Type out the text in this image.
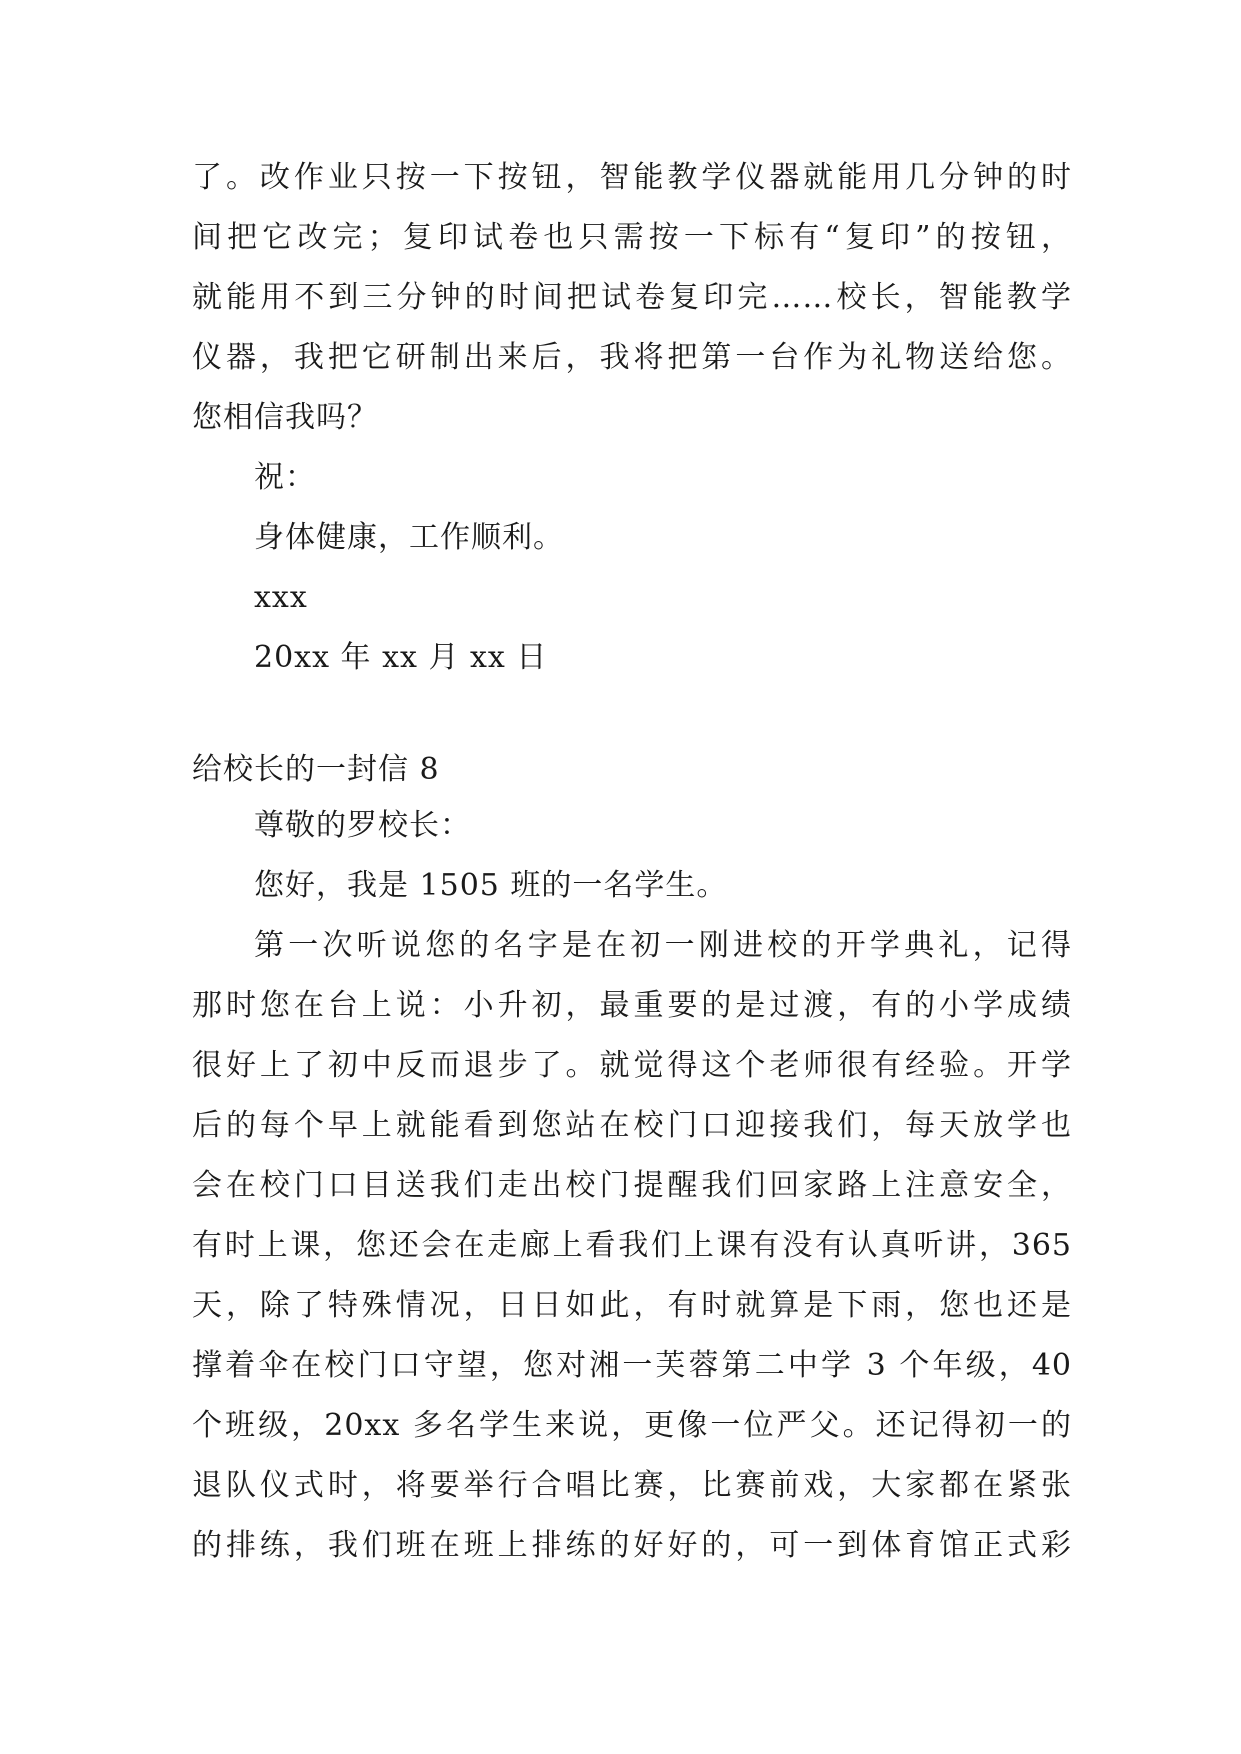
了。改作业只按一下按钮，智能教学仪器就能用几分钟的时
间把它改完；复印试卷也只需按一下标有“复印”的按钮，
就能用不到三分钟的时间把试卷复印完……校长，智能教学
仪器，我把它研制出来后，我将把第一台作为礼物送给您。
您相信我吗？
祝：
身体健康，工作顺利。
xxx
20xx 年 xx 月 xx 日
给校长的一封信 8
尊敬的罗校长：
您好，我是 1505 班的一名学生。
第一次听说您的名字是在初一刚进校的开学典礼，记得
那时您在台上说：小升初，最重要的是过渡，有的小学成绩
很好上了初中反而退步了。就觉得这个老师很有经验。开学
后的每个早上就能看到您站在校门口迎接我们，每天放学也
会在校门口目送我们走出校门提醒我们回家路上注意安全，
有时上课，您还会在走廊上看我们上课有没有认真听讲，365
天，除了特殊情况，日日如此，有时就算是下雨，您也还是
撑着伞在校门口守望，您对湘一芙蓉第二中学 3 个年级，40
个班级，20xx 多名学生来说，更像一位严父。还记得初一的
退队仪式时，将要举行合唱比赛，比赛前戏，大家都在紧张
的排练，我们班在班上排练的好好的，可一到体育馆正式彩
